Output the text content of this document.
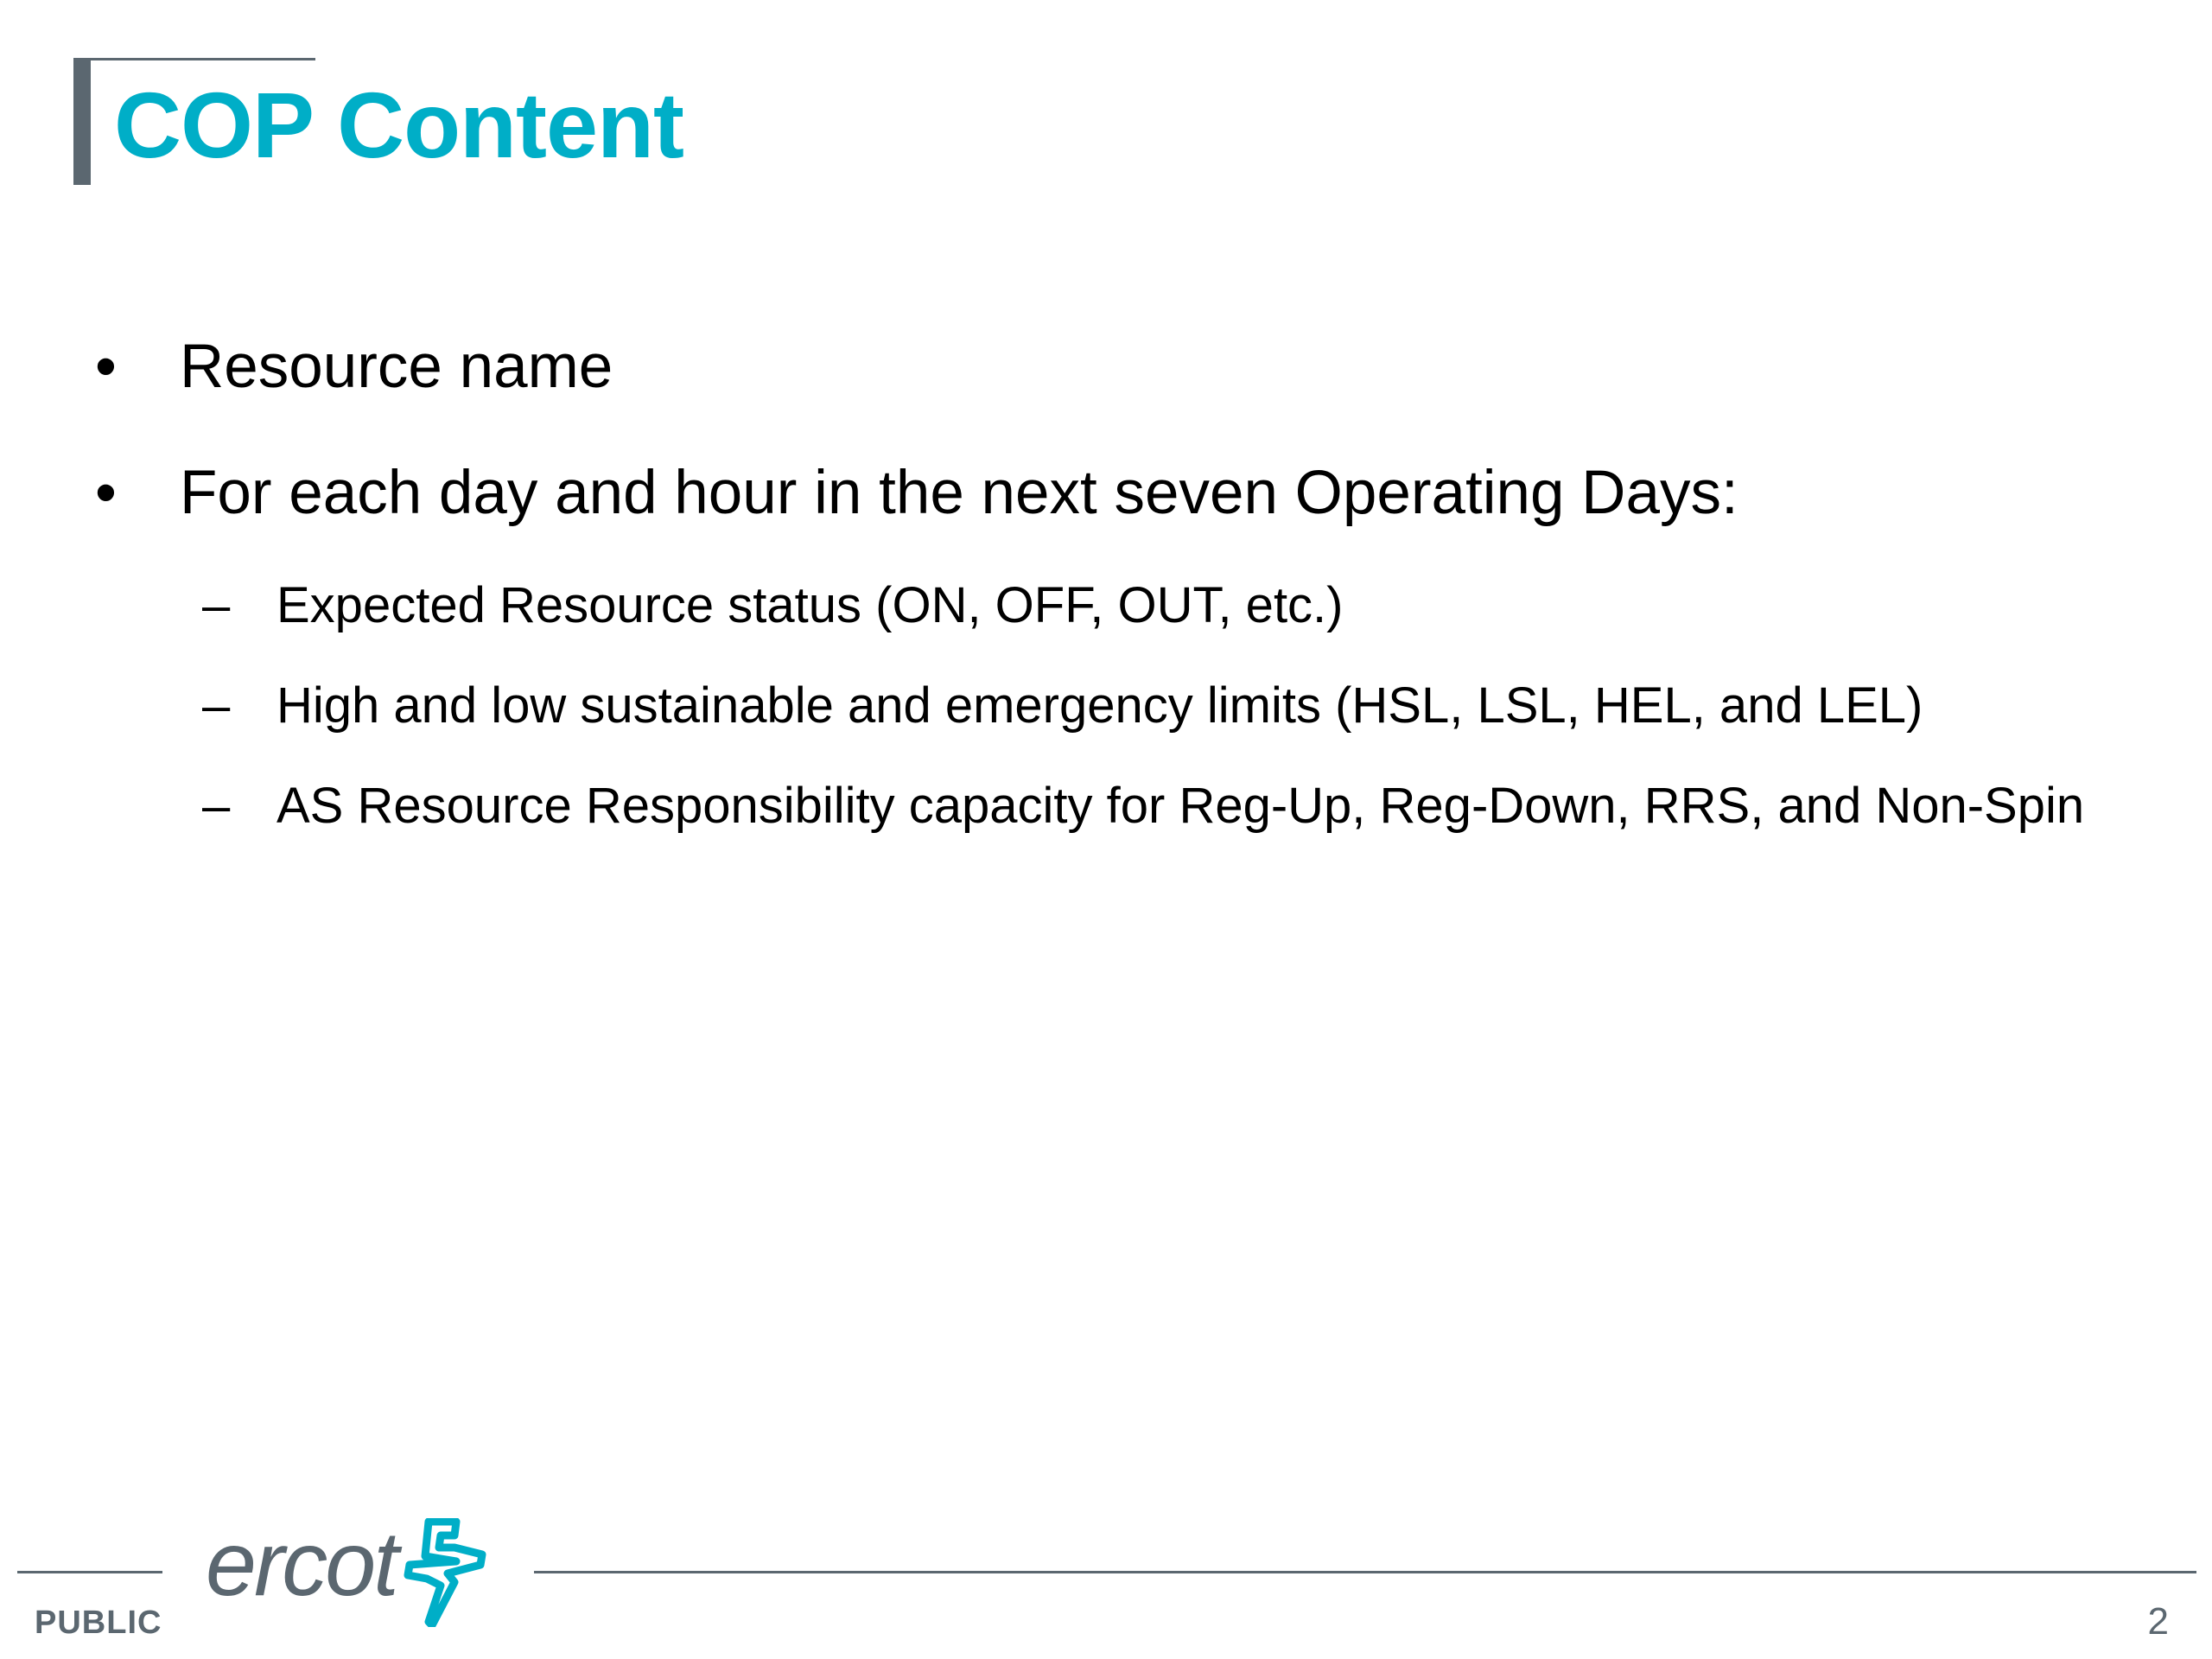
COP Content
•	Resource name
•	For each day and hour in the next seven Operating Days:
– Expected Resource status (ON, OFF, OUT, etc.)
– High and low sustainable and emergency limits (HSL, LSL, HEL, and LEL)
– AS Resource Responsibility capacity for Reg-Up, Reg-Down, RRS, and Non-Spin
ercot
PUBLIC	2
